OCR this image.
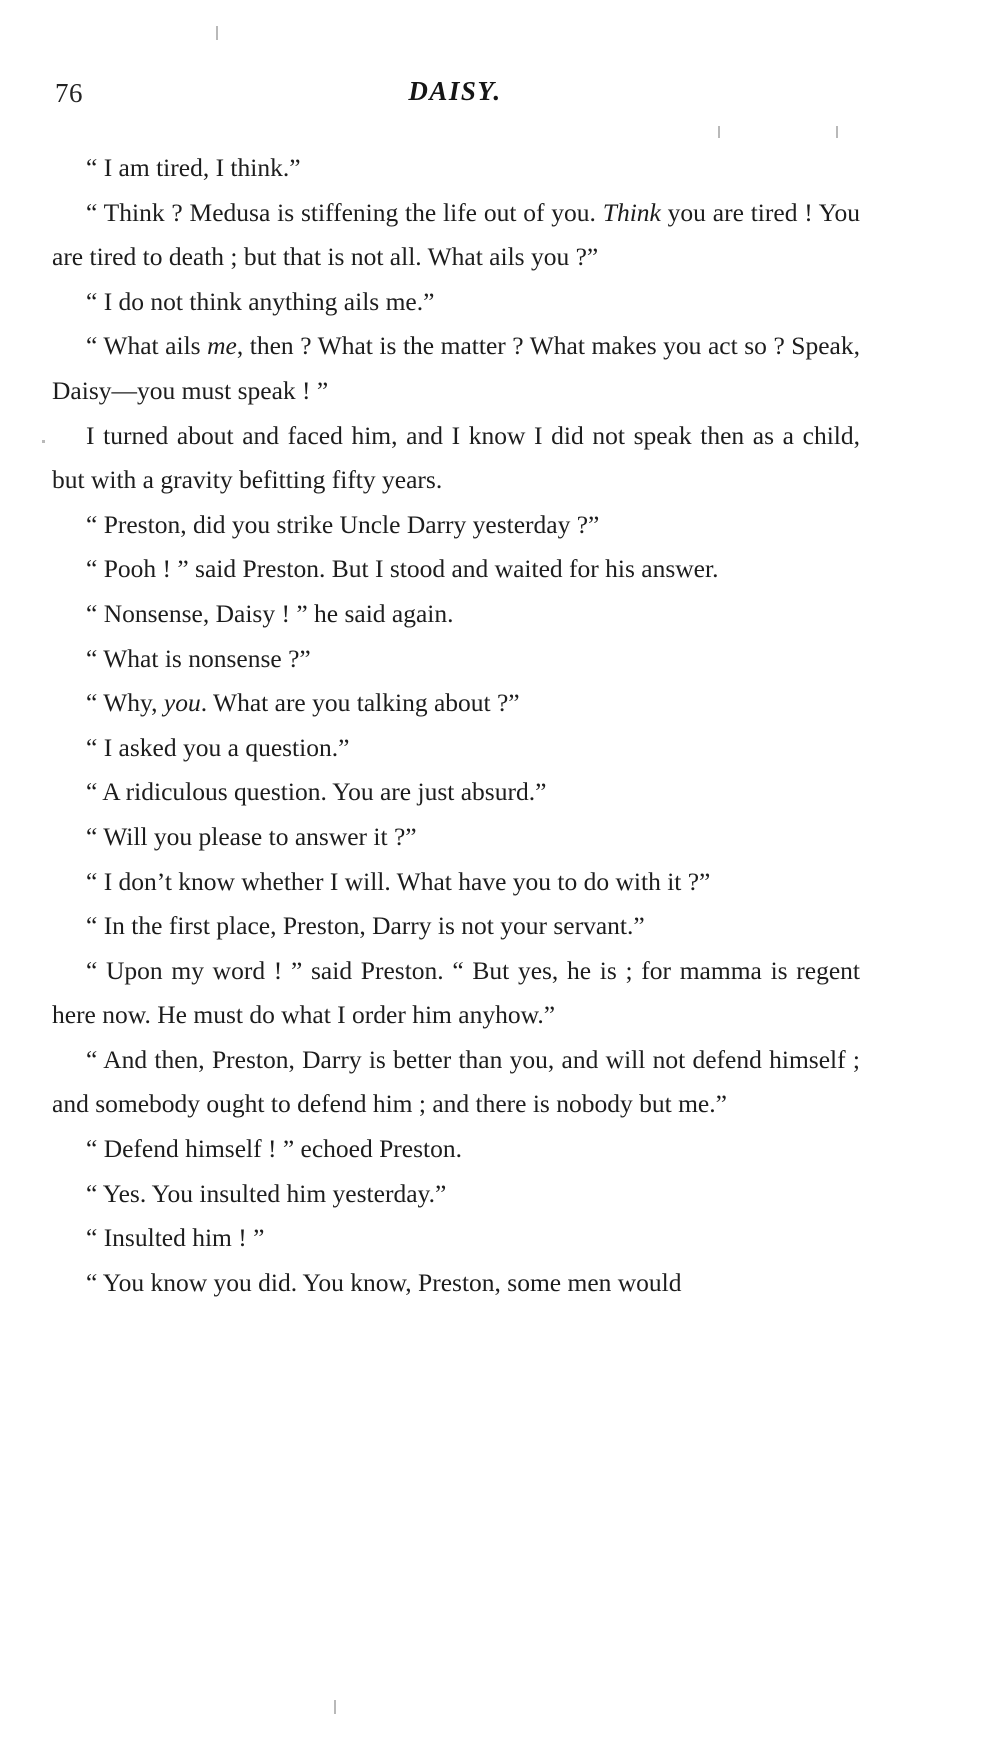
76	DAISY.

“ I am tired, I think.”

“ Think ? Medusa is stiffening the life out of you. Think you are tired ! You are tired to death ; but that is not all. What ails you ?”

“ I do not think anything ails me.”

“ What ails me, then ? What is the matter ? What makes you act so ? Speak, Daisy—you must speak ! ”

I turned about and faced him, and I know I did not speak then as a child, but with a gravity befitting fifty years.

“ Preston, did you strike Uncle Darry yesterday ?”

“ Pooh ! ” said Preston. But I stood and waited for his answer.

“ Nonsense, Daisy ! ” he said again.

“ What is nonsense ?”

“ Why, you. What are you talking about ?”

“ I asked you a question.”

“ A ridiculous question. You are just absurd.”

“ Will you please to answer it ?”

“ I don’t know whether I will. What have you to do with it ?”

“ In the first place, Preston, Darry is not your servant.”

“ Upon my word ! ” said Preston. “ But yes, he is ; for mamma is regent here now. He must do what I order him anyhow.”

“ And then, Preston, Darry is better than you, and will not defend himself ; and somebody ought to defend him ; and there is nobody but me.”

“ Defend himself ! ” echoed Preston.

“ Yes. You insulted him yesterday.”

“ Insulted him ! ”

“ You know you did. You know, Preston, some men would
